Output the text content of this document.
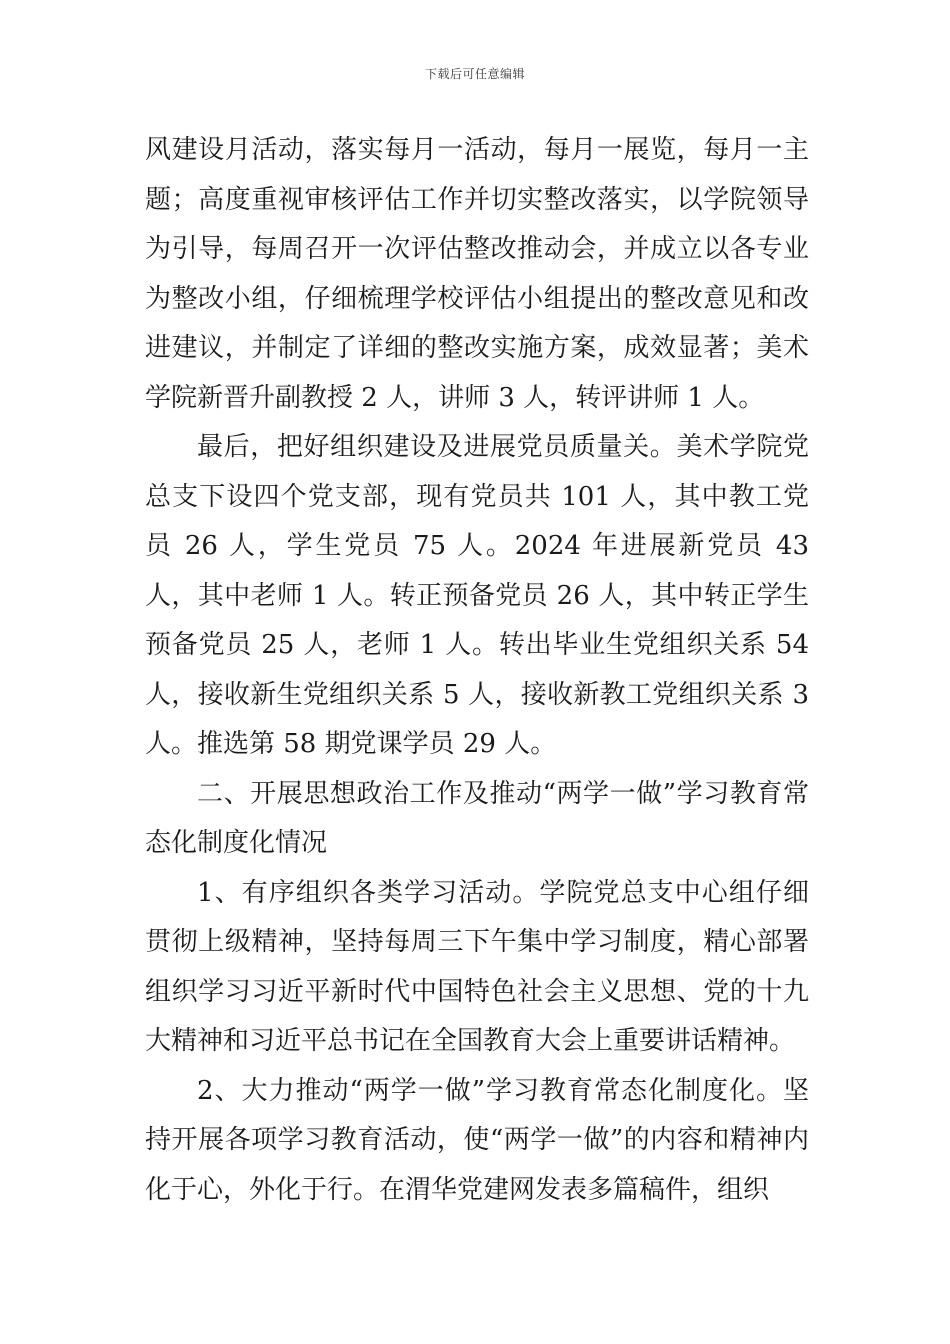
下载后可任意编辑

风建设月活动，落实每月一活动，每月一展览，每月一主题；高度重视审核评估工作并切实整改落实，以学院领导为引导，每周召开一次评估整改推动会，并成立以各专业为整改小组，仔细梳理学校评估小组提出的整改意见和改进建议，并制定了详细的整改实施方案，成效显著；美术学院新晋升副教授 2 人，讲师 3 人，转评讲师 1 人。

最后，把好组织建设及进展党员质量关。美术学院党总支下设四个党支部，现有党员共 101 人，其中教工党员 26 人，学生党员 75 人。2024 年进展新党员 43 人，其中老师 1 人。转正预备党员 26 人，其中转正学生预备党员 25 人，老师 1 人。转出毕业生党组织关系 54 人，接收新生党组织关系 5 人，接收新教工党组织关系 3 人。推选第 58 期党课学员 29 人。

二、开展思想政治工作及推动“两学一做”学习教育常态化制度化情况

1、有序组织各类学习活动。学院党总支中心组仔细贯彻上级精神，坚持每周三下午集中学习制度，精心部署组织学习习近平新时代中国特色社会主义思想、党的十九大精神和习近平总书记在全国教育大会上重要讲话精神。

2、大力推动“两学一做”学习教育常态化制度化。坚持开展各项学习教育活动，使“两学一做”的内容和精神内化于心，外化于行。在渭华党建网发表多篇稿件，组织
